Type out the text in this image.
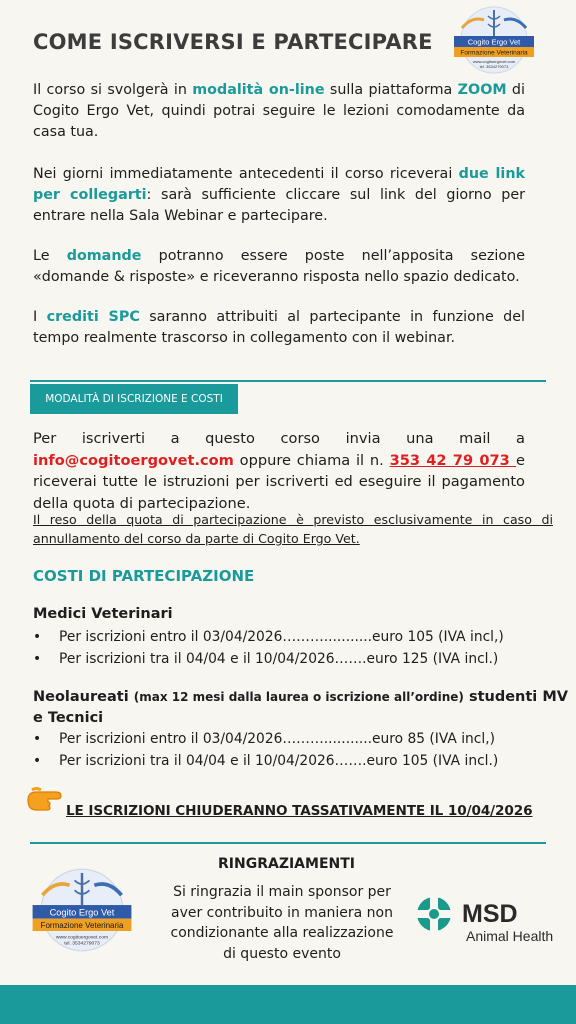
COME ISCRIVERSI E PARTECIPARE	Cogito Ergo Vet
Formazione Veterinaria
www.cogitoergovet.com
tel. 3534279073
Il corso si svolgerà in modalità on-line sulla piattaforma ZOOM di Cogito Ergo Vet, quindi potrai seguire le lezioni comodamente da casa tua.
Nei giorni immediatamente antecedenti il corso riceverai due link per collegarti: sarà sufficiente cliccare sul link del giorno per entrare nella Sala Webinar e partecipare.
Le domande potranno essere poste nell’apposita sezione «domande & risposte» e riceveranno risposta nello spazio dedicato.
I crediti SPC saranno attribuiti al partecipante in funzione del tempo realmente trascorso in collegamento con il webinar.
MODALITÀ DI ISCRIZIONE E COSTI
Per iscriverti a questo corso invia una mail a info@cogitoergovet.com oppure chiama il n. 353 42 79 073 e riceverai tutte le istruzioni per iscriverti ed eseguire il pagamento della quota di partecipazione.
Il reso della quota di partecipazione è previsto esclusivamente in caso di annullamento del corso da parte di Cogito Ergo Vet.
COSTI DI PARTECIPAZIONE
Medici Veterinari
• Per iscrizioni entro il 03/04/2026………...........euro 105 (IVA incl,)
• Per iscrizioni tra il 04/04 e il 10/04/2026…….euro 125 (IVA incl.)
Neolaureati (max 12 mesi dalla laurea o iscrizione all’ordine) studenti MV
e Tecnici
• Per iscrizioni entro il 03/04/2026………...........euro 85 (IVA incl,)
• Per iscrizioni tra il 04/04 e il 10/04/2026…….euro 105 (IVA incl.)
LE ISCRIZIONI CHIUDERANNO TASSATIVAMENTE IL 10/04/2026
RINGRAZIAMENTI
Si ringrazia il main sponsor per aver contribuito in maniera non condizionante alla realizzazione di questo evento
Cogito Ergo Vet
Formazione Veterinaria
www.cogitoergovet.com
tel. 3534279073
MSD
Animal Health
